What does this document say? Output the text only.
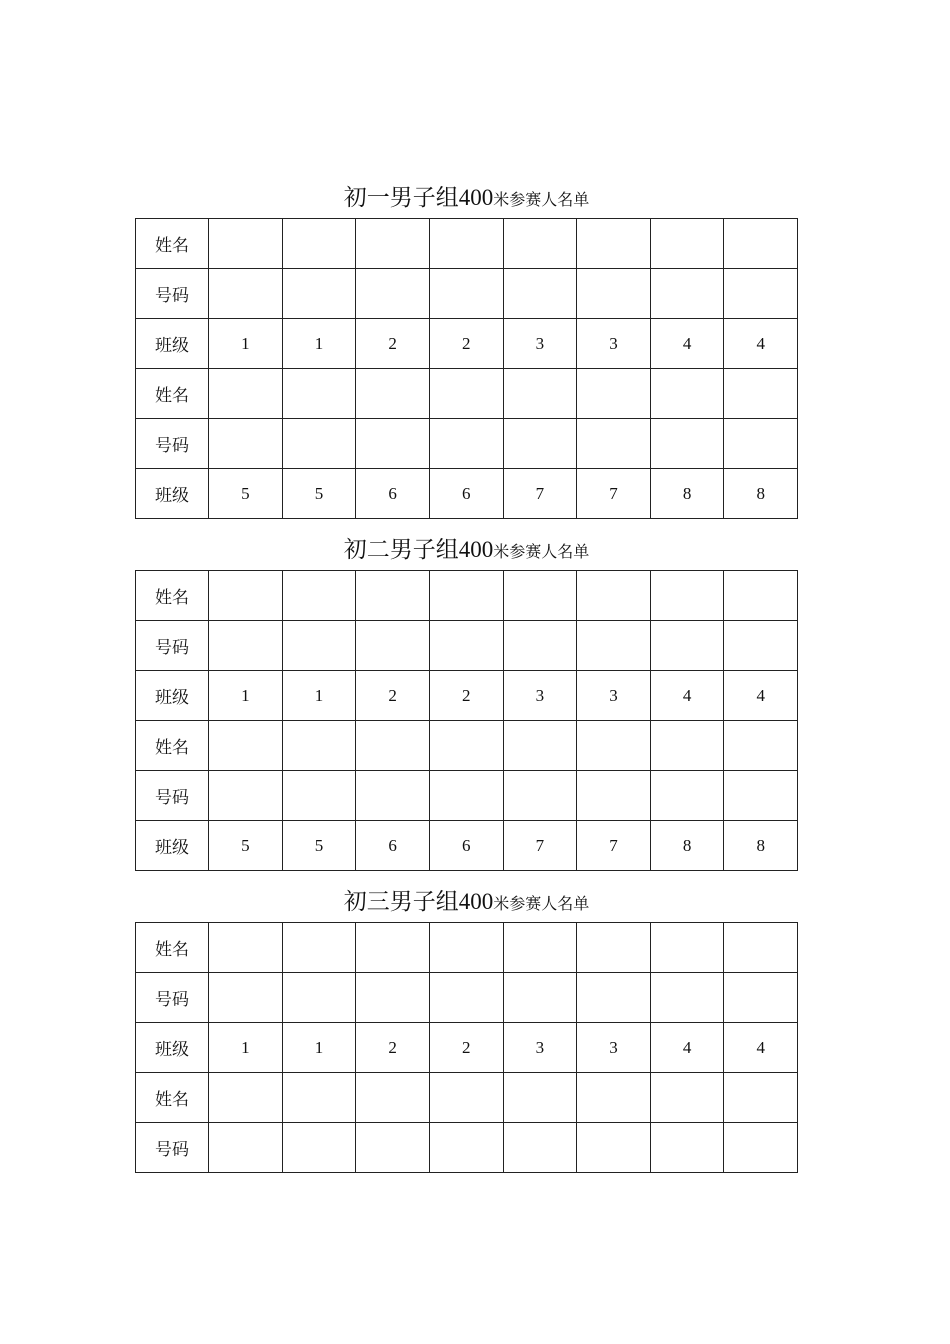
初一男子组400米参赛人名单
姓名								
号码								
班级	1	1	2	2	3	3	4	4
姓名								
号码								
班级	5	5	6	6	7	7	8	8
初二男子组400米参赛人名单
姓名								
号码								
班级	1	1	2	2	3	3	4	4
姓名								
号码								
班级	5	5	6	6	7	7	8	8
初三男子组400米参赛人名单
姓名								
号码								
班级	1	1	2	2	3	3	4	4
姓名								
号码								
